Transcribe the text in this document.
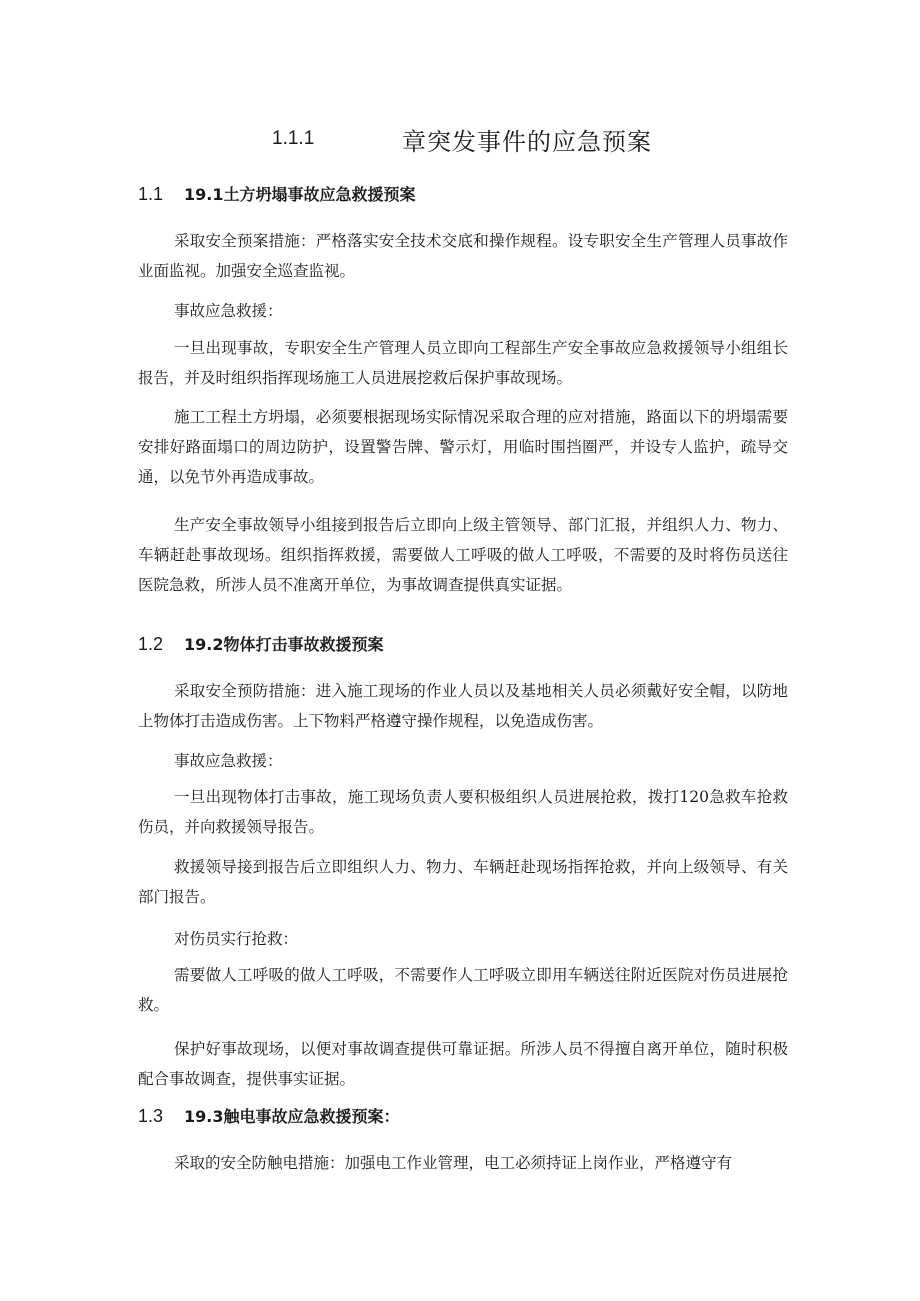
1.1.1	章突发事件的应急预案
1.1 19.1土方坍塌事故应急救援预案

采取安全预案措施：严格落实安全技术交底和操作规程。设专职安全生产管理人员事故作业面监视。加强安全巡查监视。

事故应急救援：

一旦出现事故，专职安全生产管理人员立即向工程部生产安全事故应急救援领导小组组长报告，并及时组织指挥现场施工人员进展挖救后保护事故现场。

施工工程土方坍塌，必须要根据现场实际情况采取合理的应对措施，路面以下的坍塌需要安排好路面塌口的周边防护，设置警告牌、警示灯，用临时围挡圈严，并设专人监护，疏导交通，以免节外再造成事故。

生产安全事故领导小组接到报告后立即向上级主管领导、部门汇报，并组织人力、物力、车辆赶赴事故现场。组织指挥救援，需要做人工呼吸的做人工呼吸，不需要的及时将伤员送往医院急救，所涉人员不准离开单位，为事故调查提供真实证据。

1.2 19.2物体打击事故救援预案

采取安全预防措施：进入施工现场的作业人员以及基地相关人员必须戴好安全帽，以防地上物体打击造成伤害。上下物料严格遵守操作规程，以免造成伤害。

事故应急救援：

一旦出现物体打击事故，施工现场负责人要积极组织人员进展抢救，拨打120急救车抢救伤员，并向救援领导报告。

救援领导接到报告后立即组织人力、物力、车辆赶赴现场指挥抢救，并向上级领导、有关部门报告。

对伤员实行抢救：

需要做人工呼吸的做人工呼吸，不需要作人工呼吸立即用车辆送往附近医院对伤员进展抢救。

保护好事故现场，以便对事故调查提供可靠证据。所涉人员不得擅自离开单位，随时积极配合事故调查，提供事实证据。

1.3 19.3触电事故应急救援预案：

采取的安全防触电措施：加强电工作业管理，电工必须持证上岗作业，严格遵守有
